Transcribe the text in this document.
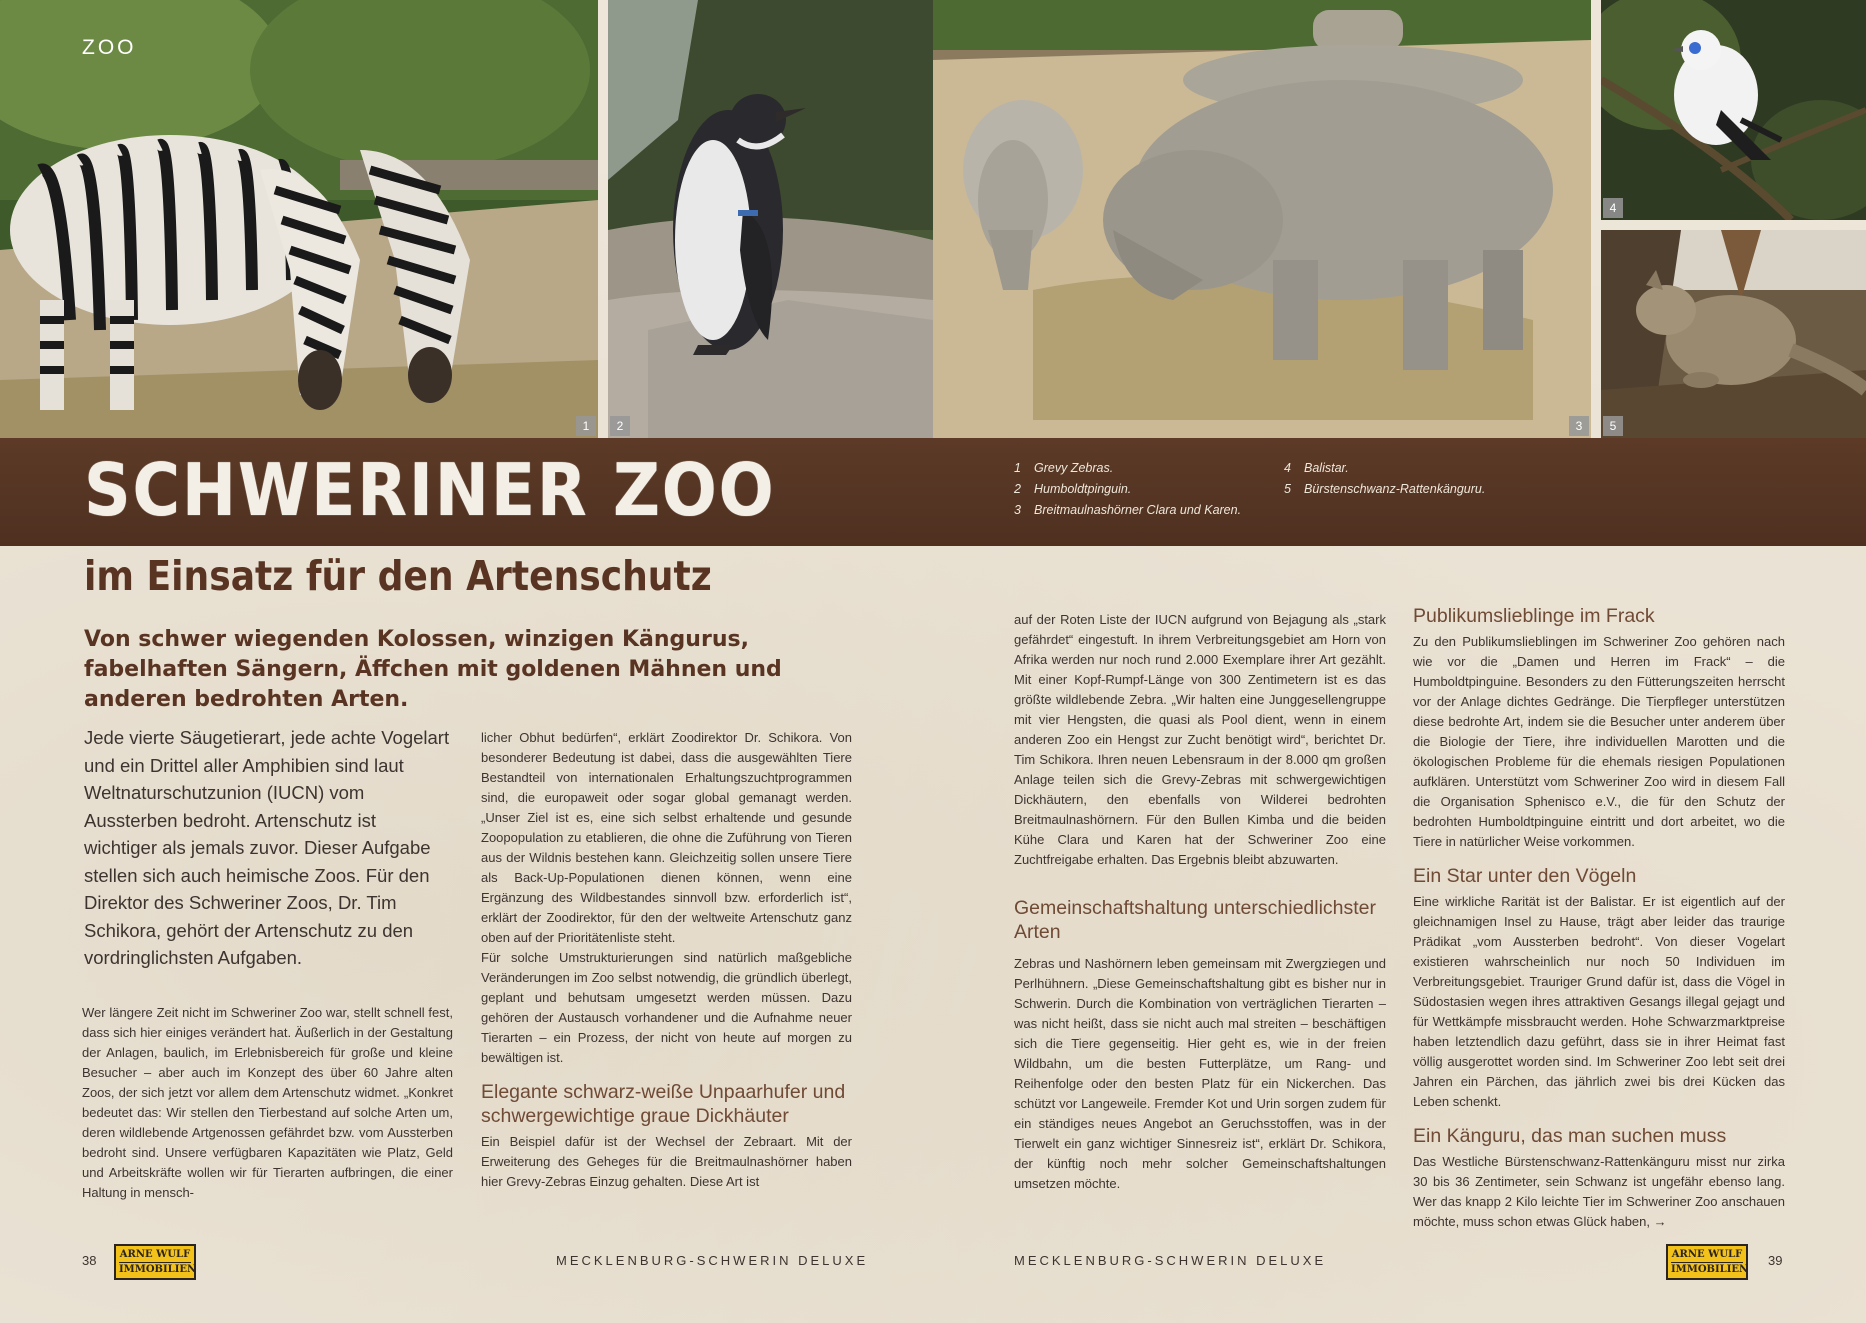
1	2	3
4
5
ZOO
SCHWERINER ZOO	1 Grevy Zebras.
2 Humboldtpinguin.
3 Breitmaulnashörner Clara und Karen.
4 Balistar.
5 Bürstenschwanz-Rattenkänguru.
im Einsatz für den Artenschutz
Von schwer wiegenden Kolossen, winzigen Kängurus, fabelhaften Sängern, Äffchen mit goldenen Mähnen und anderen bedrohten Arten.
Jede vierte Säugetierart, jede achte Vogelart und ein Drittel aller Amphibien sind laut Weltnaturschutzunion (IUCN) vom Aussterben bedroht. Artenschutz ist wichtiger als jemals zuvor. Dieser Aufgabe stellen sich auch heimische Zoos. Für den Direktor des Schweriner Zoos, Dr. Tim Schikora, gehört der Artenschutz zu den vordringlichsten Aufgaben.

Wer längere Zeit nicht im Schweriner Zoo war, stellt schnell fest, dass sich hier einiges verändert hat. Äußerlich in der Gestaltung der Anlagen, baulich, im Erlebnisbereich für große und kleine Besucher – aber auch im Konzept des über 60 Jahre alten Zoos, der sich jetzt vor allem dem Artenschutz widmet. „Konkret bedeutet das: Wir stellen den Tierbestand auf solche Arten um, deren wildlebende Artgenossen gefährdet bzw. vom Aussterben bedroht sind. Unsere verfügbaren Kapazitäten wie Platz, Geld und Arbeitskräfte wollen wir für Tierarten aufbringen, die einer Haltung in mensch-

licher Obhut bedürfen“, erklärt Zoodirektor Dr. Schikora. Von besonderer Bedeutung ist dabei, dass die ausgewählten Tiere Bestandteil von internationalen Erhaltungszuchtprogrammen sind, die europaweit oder sogar global gemanagt werden. „Unser Ziel ist es, eine sich selbst erhaltende und gesunde Zoopopulation zu etablieren, die ohne die Zuführung von Tieren aus der Wildnis bestehen kann. Gleichzeitig sollen unsere Tiere als Back-Up-Populationen dienen können, wenn eine Ergänzung des Wildbestandes sinnvoll bzw. erforderlich ist“, erklärt der Zoodirektor, für den der weltweite Artenschutz ganz oben auf der Prioritätenliste steht.

Für solche Umstrukturierungen sind natürlich maßgebliche Veränderungen im Zoo selbst notwendig, die gründlich überlegt, geplant und behutsam umgesetzt werden müssen. Dazu gehören der Austausch vorhandener und die Aufnahme neuer Tierarten – ein Prozess, der nicht von heute auf morgen zu bewältigen ist.

Elegante schwarz-weiße Unpaarhufer und schwergewichtige graue Dickhäuter

Ein Beispiel dafür ist der Wechsel der Zebraart. Mit der Erweiterung des Geheges für die Breitmaulnashörner haben hier Grevy-Zebras Einzug gehalten. Diese Art ist

auf der Roten Liste der IUCN aufgrund von Bejagung als „stark gefährdet“ eingestuft. In ihrem Verbreitungsgebiet am Horn von Afrika werden nur noch rund 2.000 Exemplare ihrer Art gezählt. Mit einer Kopf-Rumpf-Länge von 300 Zentimetern ist es das größte wildlebende Zebra. „Wir halten eine Junggesellengruppe mit vier Hengsten, die quasi als Pool dient, wenn in einem anderen Zoo ein Hengst zur Zucht benötigt wird“, berichtet Dr. Tim Schikora. Ihren neuen Lebensraum in der 8.000 qm großen Anlage teilen sich die Grevy-Zebras mit schwergewichtigen Dickhäutern, den ebenfalls von Wilderei bedrohten Breitmaulnashörnern. Für den Bullen Kimba und die beiden Kühe Clara und Karen hat der Schweriner Zoo eine Zuchtfreigabe erhalten. Das Ergebnis bleibt abzuwarten.

Gemeinschaftshaltung unterschiedlichster Arten

Zebras und Nashörnern leben gemeinsam mit Zwergziegen und Perlhühnern. „Diese Gemeinschaftshaltung gibt es bisher nur in Schwerin. Durch die Kombination von verträglichen Tierarten – was nicht heißt, dass sie nicht auch mal streiten – beschäftigen sich die Tiere gegenseitig. Hier geht es, wie in der freien Wildbahn, um die besten Futterplätze, um Rang- und Reihenfolge oder den besten Platz für ein Nickerchen. Das schützt vor Langeweile. Fremder Kot und Urin sorgen zudem für ein ständiges neues Angebot an Geruchsstoffen, was in der Tierwelt ein ganz wichtiger Sinnesreiz ist“, erklärt Dr. Schikora, der künftig noch mehr solcher Gemeinschaftshaltungen umsetzen möchte.

Publikumslieblinge im Frack

Zu den Publikumslieblingen im Schweriner Zoo gehören nach wie vor die „Damen und Herren im Frack“ – die Humboldtpinguine. Besonders zu den Fütterungszeiten herrscht vor der Anlage dichtes Gedränge. Die Tierpfleger unterstützen diese bedrohte Art, indem sie die Besucher unter anderem über die Biologie der Tiere, ihre individuellen Marotten und die ökologischen Probleme für die ehemals riesigen Populationen aufklären. Unterstützt vom Schweriner Zoo wird in diesem Fall die Organisation Sphenisco e.V., die für den Schutz der bedrohten Humboldtpinguine eintritt und dort arbeitet, wo die Tiere in natürlicher Weise vorkommen.

Ein Star unter den Vögeln

Eine wirkliche Rarität ist der Balistar. Er ist eigentlich auf der gleichnamigen Insel zu Hause, trägt aber leider das traurige Prädikat „vom Aussterben bedroht“. Von dieser Vogelart existieren wahrscheinlich nur noch 50 Individuen im Verbreitungsgebiet. Trauriger Grund dafür ist, dass die Vögel in Südostasien wegen ihres attraktiven Gesangs illegal gejagt und für Wettkämpfe missbraucht werden. Hohe Schwarzmarktpreise haben letztendlich dazu geführt, dass sie in ihrer Heimat fast völlig ausgerottet worden sind. Im Schweriner Zoo lebt seit drei Jahren ein Pärchen, das jährlich zwei bis drei Kücken das Leben schenkt.

Ein Känguru, das man suchen muss

Das Westliche Bürstenschwanz-Rattenkänguru misst nur zirka 30 bis 36 Zentimeter, sein Schwanz ist ungefähr ebenso lang. Wer das knapp 2 Kilo leichte Tier im Schweriner Zoo anschauen möchte, muss schon etwas Glück haben, →

38	ARNE WULF
IMMOBILIEN
MECKLENBURG-SCHWERIN DELUXE	MECKLENBURG-SCHWERIN DELUXE	ARNE WULF
IMMOBILIEN
39
